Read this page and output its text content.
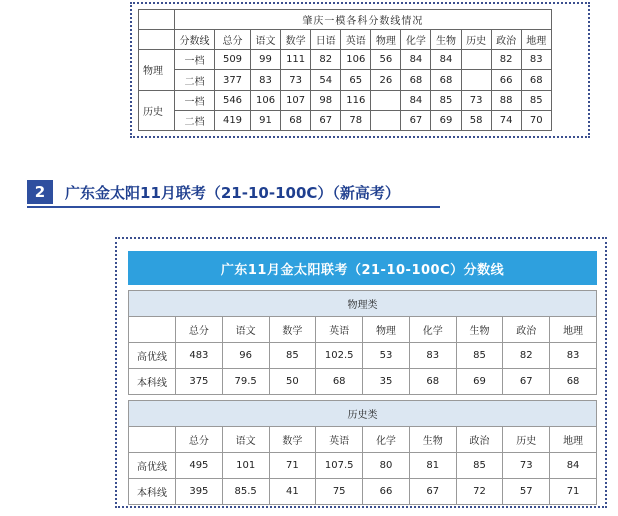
	肇庆一模各科分数线情况											
	分数线	总分	语文	数学	日语	英语	物理	化学	生物	历史	政治	地理
物理	一档	509	99	111	82	106	56	84	84		82	83
	二档	377	83	73	54	65	26	68	68		66	68
历史	一档	546	106	107	98	116		84	85	73	88	85
	二档	419	91	68	67	78		67	69	58	74	70
2	广东金太阳11月联考（21-10-100C）（新高考）
广东11月金太阳联考（21-10-100C）分数线									

物理类									
	总分	语文	数学	英语	物理	化学	生物	政治	地理
高优线	483	96	85	102.5	53	83	85	82	83
本科线	375	79.5	50	68	35	68	69	67	68

历史类									
	总分	语文	数学	英语	化学	生物	政治	历史	地理
高优线	495	101	71	107.5	80	81	85	73	84
本科线	395	85.5	41	75	66	67	72	57	71
